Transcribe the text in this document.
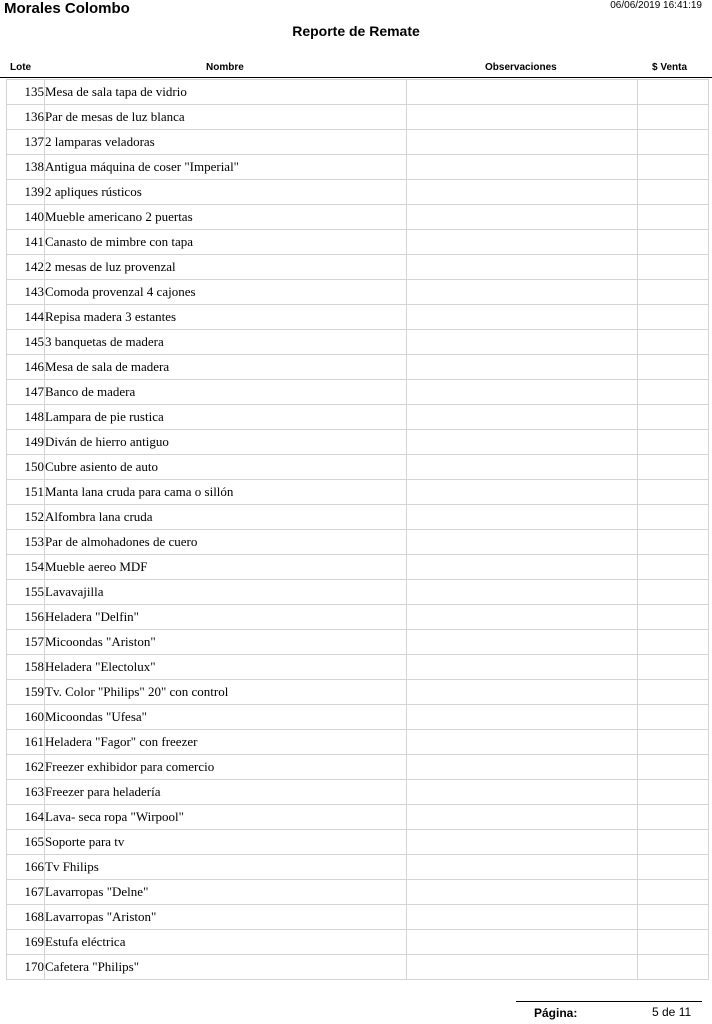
Morales Colombo	06/06/2019 16:41:19
Reporte de Remate
Lote	Nombre	Observaciones	$ Venta
135	Mesa de sala tapa de vidrio		
136	Par de mesas de luz blanca		
137	2 lamparas veladoras		
138	Antigua máquina de coser "Imperial"		
139	2 apliques rústicos		
140	Mueble americano 2 puertas		
141	Canasto de mimbre con tapa		
142	2 mesas de luz provenzal		
143	Comoda provenzal 4 cajones		
144	Repisa madera 3 estantes		
145	3 banquetas de madera		
146	Mesa de sala de madera		
147	Banco de madera		
148	Lampara de pie rustica		
149	Diván de hierro antiguo		
150	Cubre asiento de auto		
151	Manta lana cruda para cama o sillón		
152	Alfombra lana cruda		
153	Par de almohadones de cuero		
154	Mueble aereo MDF		
155	Lavavajilla		
156	Heladera "Delfin"		
157	Micoondas "Ariston"		
158	Heladera "Electolux"		
159	Tv. Color "Philips" 20" con control		
160	Micoondas "Ufesa"		
161	Heladera "Fagor" con freezer		
162	Freezer exhibidor para comercio		
163	Freezer para heladería		
164	Lava- seca ropa "Wirpool"		
165	Soporte para tv		
166	Tv Fhilips		
167	Lavarropas "Delne"		
168	Lavarropas "Ariston"		
169	Estufa eléctrica		
170	Cafetera "Philips"		
Página:	5 de 11
